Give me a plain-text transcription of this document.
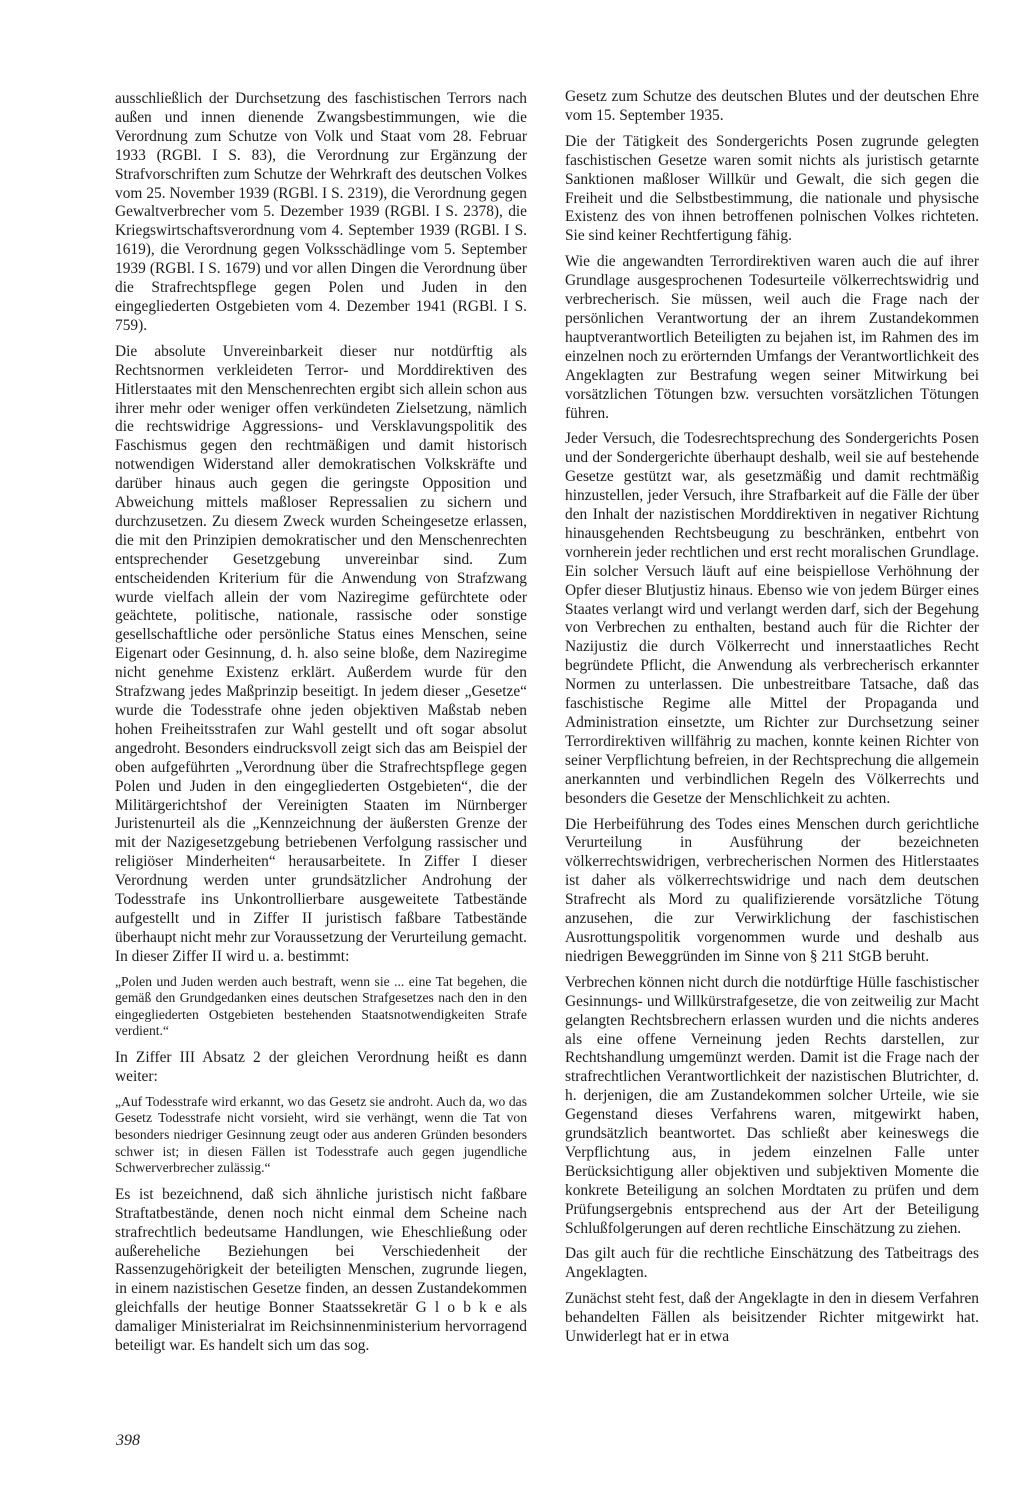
ausschließlich der Durchsetzung des faschistischen Terrors nach außen und innen dienende Zwangsbestimmungen, wie die Verordnung zum Schutze von Volk und Staat vom 28. Februar 1933 (RGBl. I S. 83), die Verordnung zur Ergänzung der Strafvorschriften zum Schutze der Wehrkraft des deutschen Volkes vom 25. November 1939 (RGBl. I S. 2319), die Verordnung gegen Gewaltverbrecher vom 5. Dezember 1939 (RGBl. I S. 2378), die Kriegswirtschaftsverordnung vom 4. September 1939 (RGBl. I S. 1619), die Verordnung gegen Volksschädlinge vom 5. September 1939 (RGBl. I S. 1679) und vor allen Dingen die Verordnung über die Strafrechtspflege gegen Polen und Juden in den eingegliederten Ostgebieten vom 4. Dezember 1941 (RGBl. I S. 759).

Die absolute Unvereinbarkeit dieser nur notdürftig als Rechtsnormen verkleideten Terror- und Morddirektiven des Hitlerstaates mit den Menschenrechten ergibt sich allein schon aus ihrer mehr oder weniger offen verkündeten Zielsetzung, nämlich die rechtswidrige Aggressions- und Versklavungspolitik des Faschismus gegen den rechtmäßigen und damit historisch notwendigen Widerstand aller demokratischen Volkskräfte und darüber hinaus auch gegen die geringste Opposition und Abweichung mittels maßloser Repressalien zu sichern und durchzusetzen. Zu diesem Zweck wurden Scheingesetze erlassen, die mit den Prinzipien demokratischer und den Menschenrechten entsprechender Gesetzgebung unvereinbar sind. Zum entscheidenden Kriterium für die Anwendung von Strafzwang wurde vielfach allein der vom Naziregime gefürchtete oder geächtete, politische, nationale, rassische oder sonstige gesellschaftliche oder persönliche Status eines Menschen, seine Eigenart oder Gesinnung, d. h. also seine bloße, dem Naziregime nicht genehme Existenz erklärt. Außerdem wurde für den Strafzwang jedes Maßprinzip beseitigt. In jedem dieser „Gesetze“ wurde die Todesstrafe ohne jeden objektiven Maßstab neben hohen Freiheitsstrafen zur Wahl gestellt und oft sogar absolut angedroht. Besonders eindrucksvoll zeigt sich das am Beispiel der oben aufgeführten „Verordnung über die Strafrechtspflege gegen Polen und Juden in den eingegliederten Ostgebieten“, die der Militärgerichtshof der Vereinigten Staaten im Nürnberger Juristenurteil als die „Kennzeichnung der äußersten Grenze der mit der Nazigesetzgebung betriebenen Verfolgung rassischer und religiöser Minderheiten“ herausarbeitete. In Ziffer I dieser Verordnung werden unter grundsätzlicher Androhung der Todesstrafe ins Unkontrollierbare ausgeweitete Tatbestände aufgestellt und in Ziffer II juristisch faßbare Tatbestände überhaupt nicht mehr zur Voraussetzung der Verurteilung gemacht. In dieser Ziffer II wird u. a. bestimmt:

„Polen und Juden werden auch bestraft, wenn sie ... eine Tat begehen, die gemäß den Grundgedanken eines deutschen Strafgesetzes nach den in den eingegliederten Ostgebieten bestehenden Staatsnotwendigkeiten Strafe verdient.“

In Ziffer III Absatz 2 der gleichen Verordnung heißt es dann weiter:

„Auf Todesstrafe wird erkannt, wo das Gesetz sie androht. Auch da, wo das Gesetz Todesstrafe nicht vorsieht, wird sie verhängt, wenn die Tat von besonders niedriger Gesinnung zeugt oder aus anderen Gründen besonders schwer ist; in diesen Fällen ist Todesstrafe auch gegen jugendliche Schwerverbrecher zulässig.“

Es ist bezeichnend, daß sich ähnliche juristisch nicht faßbare Straftatbestände, denen noch nicht einmal dem Scheine nach strafrechtlich bedeutsame Handlungen, wie Eheschließung oder außereheliche Beziehungen bei Verschiedenheit der Rassenzugehörigkeit der beteiligten Menschen, zugrunde liegen, in einem nazistischen Gesetze finden, an dessen Zustandekommen gleichfalls der heutige Bonner Staatssekretär G l o b k e als damaliger Ministerialrat im Reichsinnenministerium hervorragend beteiligt war. Es handelt sich um das sog.

Gesetz zum Schutze des deutschen Blutes und der deutschen Ehre vom 15. September 1935.

Die der Tätigkeit des Sondergerichts Posen zugrunde gelegten faschistischen Gesetze waren somit nichts als juristisch getarnte Sanktionen maßloser Willkür und Gewalt, die sich gegen die Freiheit und die Selbstbestimmung, die nationale und physische Existenz des von ihnen betroffenen polnischen Volkes richteten. Sie sind keiner Rechtfertigung fähig.

Wie die angewandten Terrordirektiven waren auch die auf ihrer Grundlage ausgesprochenen Todesurteile völkerrechtswidrig und verbrecherisch. Sie müssen, weil auch die Frage nach der persönlichen Verantwortung der an ihrem Zustandekommen hauptverantwortlich Beteiligten zu bejahen ist, im Rahmen des im einzelnen noch zu erörternden Umfangs der Verantwortlichkeit des Angeklagten zur Bestrafung wegen seiner Mitwirkung bei vorsätzlichen Tötungen bzw. versuchten vorsätzlichen Tötungen führen.

Jeder Versuch, die Todesrechtsprechung des Sondergerichts Posen und der Sondergerichte überhaupt deshalb, weil sie auf bestehende Gesetze gestützt war, als gesetzmäßig und damit rechtmäßig hinzustellen, jeder Versuch, ihre Strafbarkeit auf die Fälle der über den Inhalt der nazistischen Morddirektiven in negativer Richtung hinausgehenden Rechtsbeugung zu beschränken, entbehrt von vornherein jeder rechtlichen und erst recht moralischen Grundlage. Ein solcher Versuch läuft auf eine beispiellose Verhöhnung der Opfer dieser Blutjustiz hinaus. Ebenso wie von jedem Bürger eines Staates verlangt wird und verlangt werden darf, sich der Begehung von Verbrechen zu enthalten, bestand auch für die Richter der Nazijustiz die durch Völkerrecht und innerstaatliches Recht begründete Pflicht, die Anwendung als verbrecherisch erkannter Normen zu unterlassen. Die unbestreitbare Tatsache, daß das faschistische Regime alle Mittel der Propaganda und Administration einsetzte, um Richter zur Durchsetzung seiner Terrordirektiven willfährig zu machen, konnte keinen Richter von seiner Verpflichtung befreien, in der Rechtsprechung die allgemein anerkannten und verbindlichen Regeln des Völkerrechts und besonders die Gesetze der Menschlichkeit zu achten.

Die Herbeiführung des Todes eines Menschen durch gerichtliche Verurteilung in Ausführung der bezeichneten völkerrechtswidrigen, verbrecherischen Normen des Hitlerstaates ist daher als völkerrechtswidrige und nach dem deutschen Strafrecht als Mord zu qualifizierende vorsätzliche Tötung anzusehen, die zur Verwirklichung der faschistischen Ausrottungspolitik vorgenommen wurde und deshalb aus niedrigen Beweggründen im Sinne von § 211 StGB beruht.

Verbrechen können nicht durch die notdürftige Hülle faschistischer Gesinnungs- und Willkürstrafgesetze, die von zeitweilig zur Macht gelangten Rechtsbrechern erlassen wurden und die nichts anderes als eine offene Verneinung jeden Rechts darstellen, zur Rechtshandlung umgemünzt werden. Damit ist die Frage nach der strafrechtlichen Verantwortlichkeit der nazistischen Blutrichter, d. h. derjenigen, die am Zustandekommen solcher Urteile, wie sie Gegenstand dieses Verfahrens waren, mitgewirkt haben, grundsätzlich beantwortet. Das schließt aber keineswegs die Verpflichtung aus, in jedem einzelnen Falle unter Berücksichtigung aller objektiven und subjektiven Momente die konkrete Beteiligung an solchen Mordtaten zu prüfen und dem Prüfungsergebnis entsprechend aus der Art der Beteiligung Schlußfolgerungen auf deren rechtliche Einschätzung zu ziehen.

Das gilt auch für die rechtliche Einschätzung des Tatbeitrags des Angeklagten.

Zunächst steht fest, daß der Angeklagte in den in diesem Verfahren behandelten Fällen als beisitzender Richter mitgewirkt hat. Unwiderlegt hat er in etwa

398
